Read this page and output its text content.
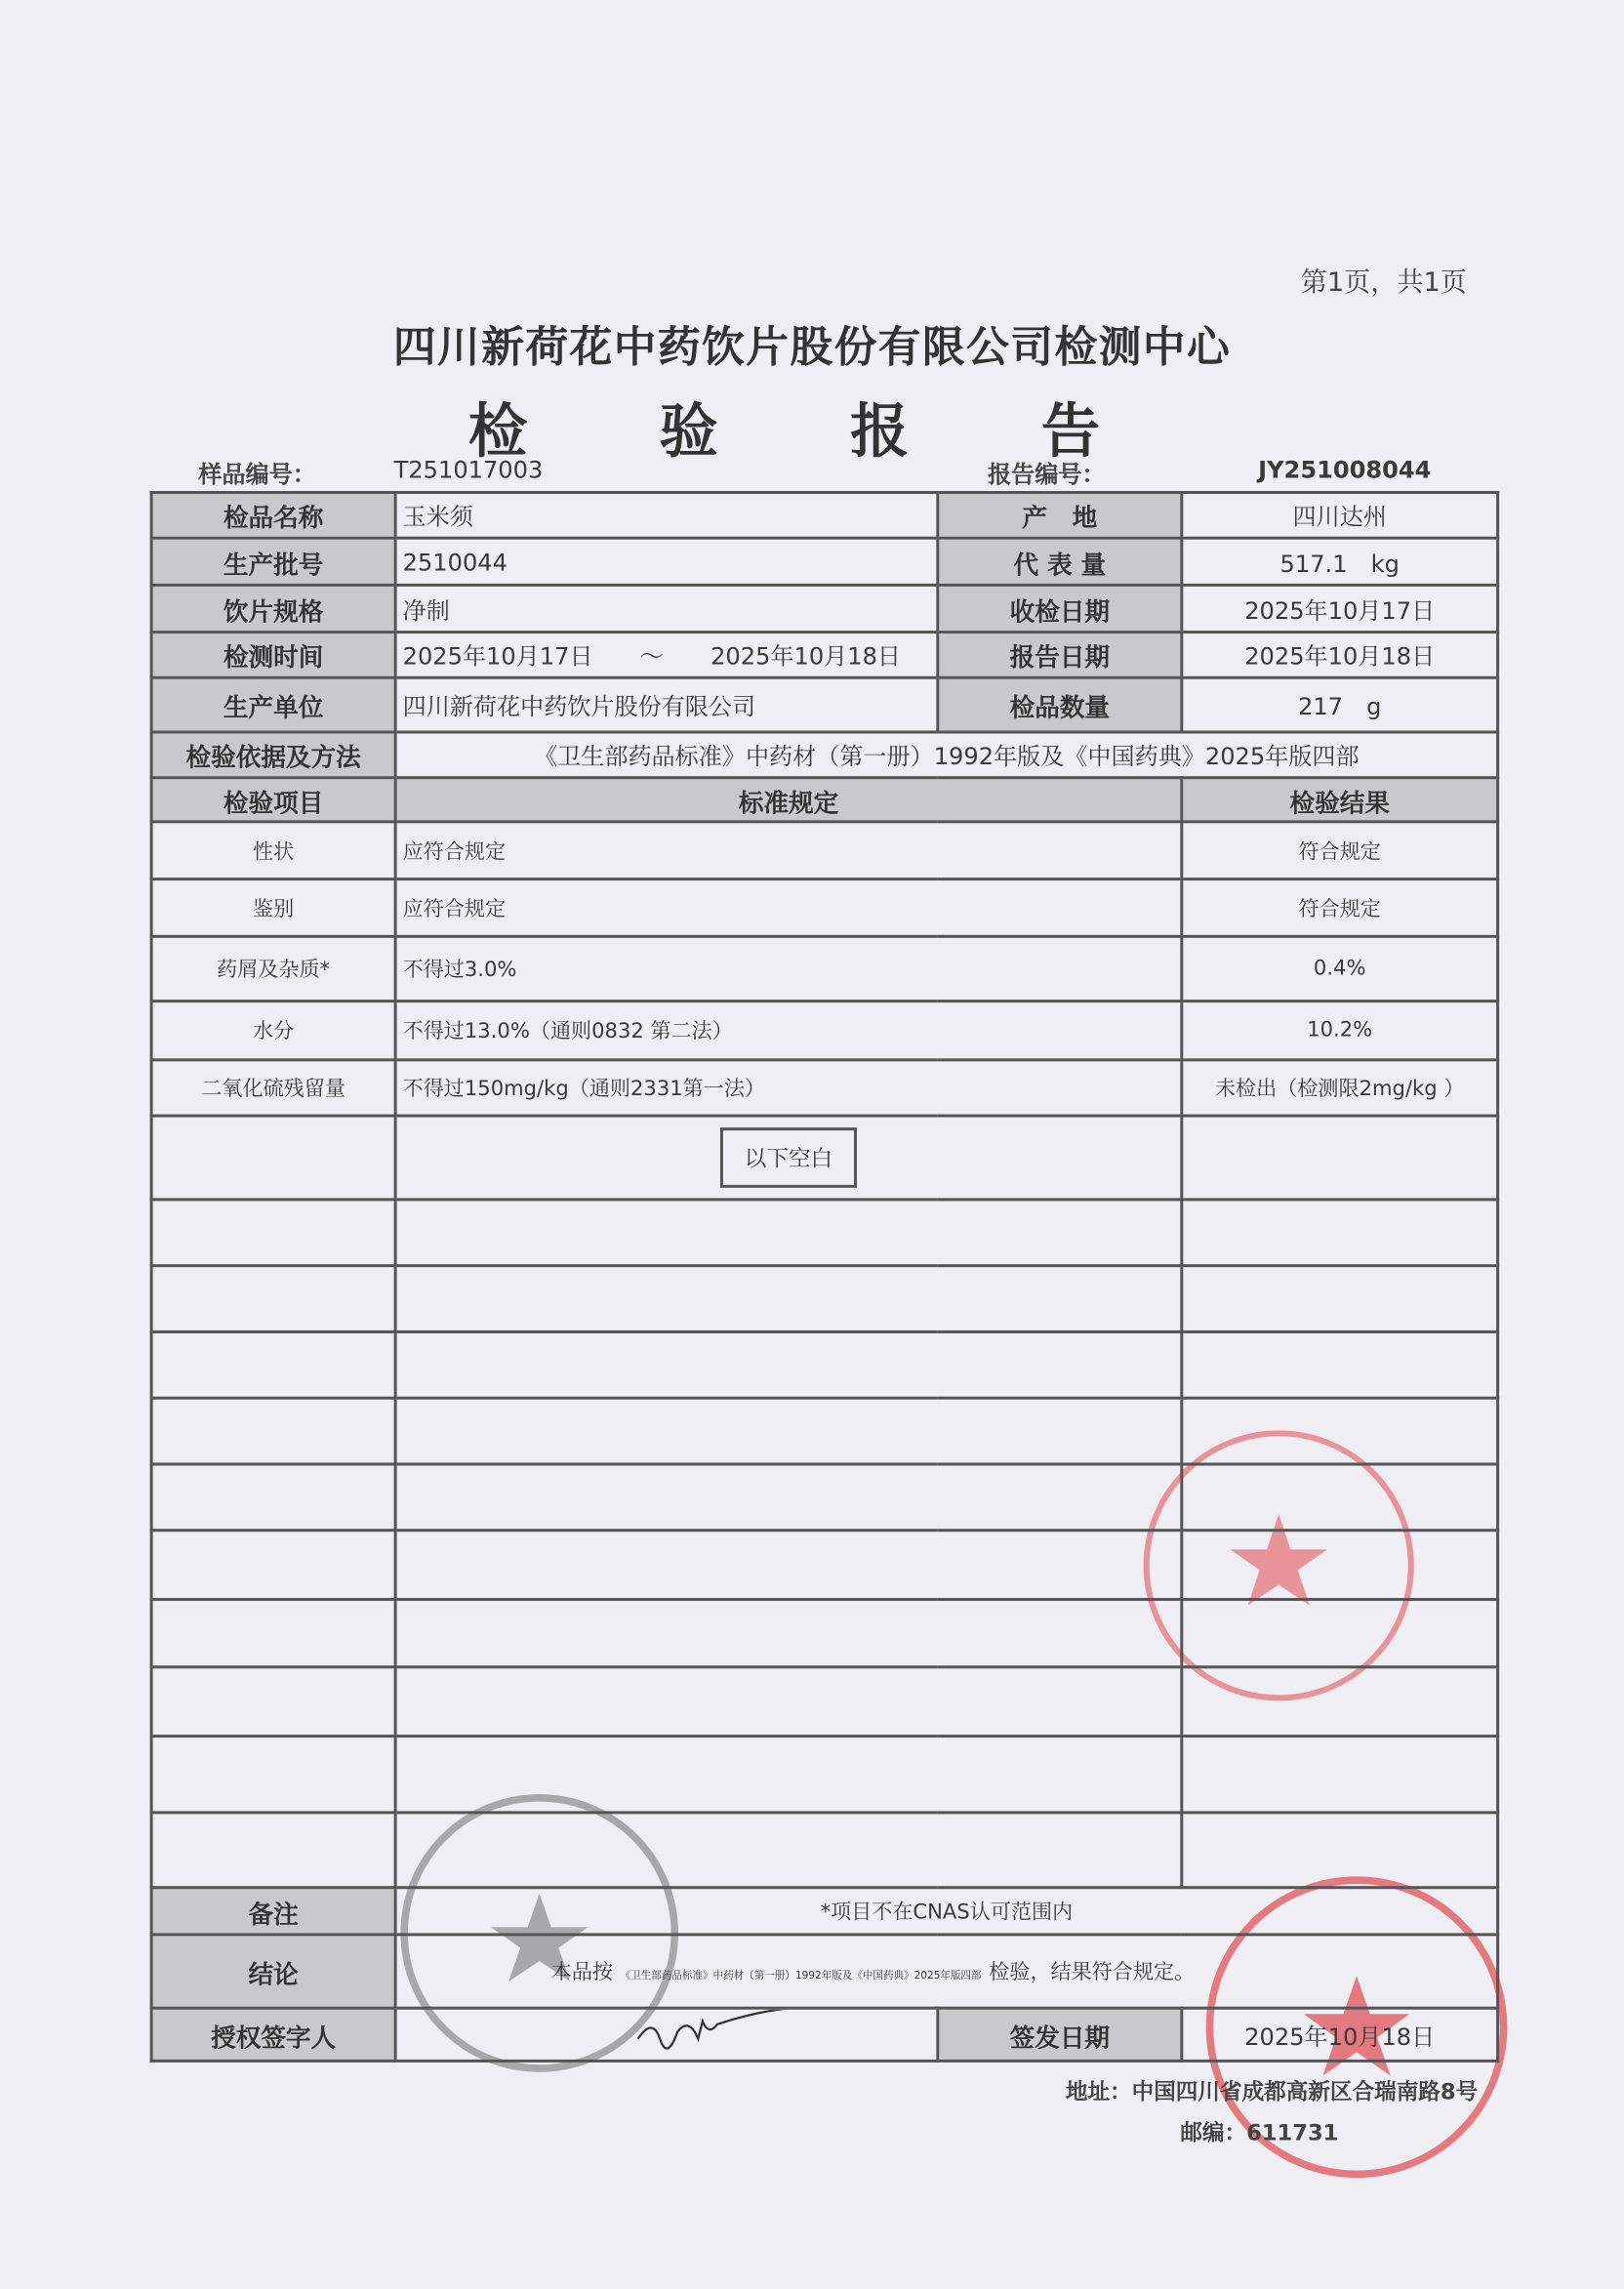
第1页，共1页
四川新荷花中药饮片股份有限公司检测中心
检 验 报 告
样品编号：	T251017003	报告编号：	JY251008044
检品名称	玉米须	产　地	四川达州
生产批号	2510044	代 表 量	517.1　kg
饮片规格	净制	收检日期	2025年10月17日
检测时间	2025年10月17日 ～ 2025年10月18日	报告日期	2025年10月18日
生产单位	四川新荷花中药饮片股份有限公司	检品数量	217　g
检验依据及方法	《卫生部药品标准》中药材（第一册）1992年版及《中国药典》2025年版四部		
检验项目	标准规定		检验结果
性状	应符合规定		符合规定
鉴别	应符合规定		符合规定
药屑及杂质*	不得过3.0%		0.4%
水分	不得过13.0%（通则0832 第二法）		10.2%
二氧化硫残留量	不得过150mg/kg（通则2331第一法）		未检出（检测限2mg/kg ）
	以下空白		

备注	*项目不在CNAS认可范围内		
结论	本品按 《卫生部药品标准》中药材（第一册）1992年版及《中国药典》2025年版四部 检验，结果符合规定。		
授权签字人		签发日期	2025年10月18日
地址：中国四川省成都高新区合瑞南路8号
邮编：611731
